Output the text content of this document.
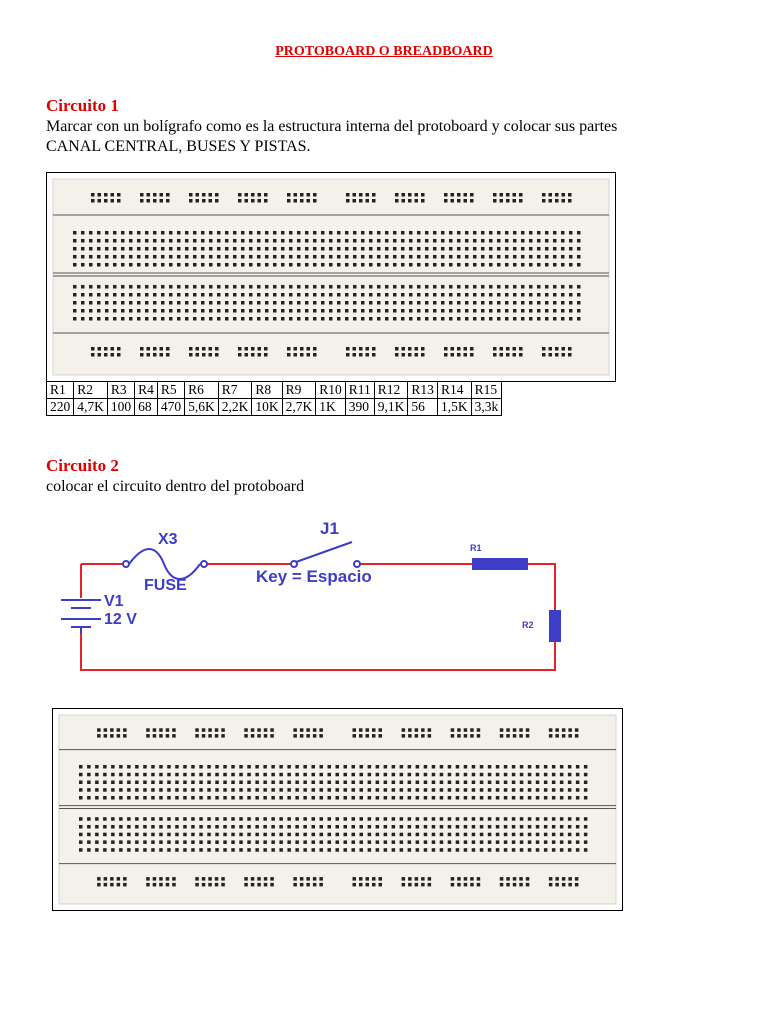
PROTOBOARD O BREADBOARD
Circuito 1
Marcar con un bolígrafo como es la estructura interna del protoboard y colocar sus partes
CANAL CENTRAL, BUSES Y PISTAS.
R1	R2	R3	R4	R5	R6	R7	R8	R9	R10	R11	R12	R13	R14	R15
220	4,7K	100	68	470	5,6K	2,2K	10K	2,7K	1K	390	9,1K	56	1,5K	3,3k
Circuito 2
colocar el circuito dentro del protoboard
X3
FUSE
J1
Key = Espacio
V1
12 V
R1
R2
